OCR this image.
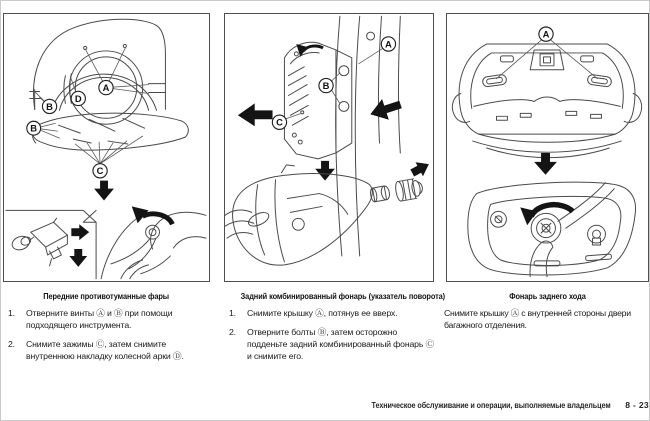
A
B
D
B
C
A
B
C
A
Передние противотуманные фары	Задний комбинированный фонарь (указатель поворота)	Фонарь заднего хода
1.	Отверните винты Ⓐ и Ⓑ при помощи подходящего инструмента.
2.	Снимите зажимы Ⓒ, затем снимите внутреннюю накладку колесной арки Ⓓ.
1.	Снимите крышку Ⓐ, потянув ее вверх.
2.	Отверните болты Ⓑ, затем осторожно подденьте задний комбинированный фонарь Ⓒ и снимите его.
Снимите крышку Ⓐ с внутренней стороны двери багажного отделения.
Техническое обслуживание и операции, выполняемые владельцем 8 - 23
